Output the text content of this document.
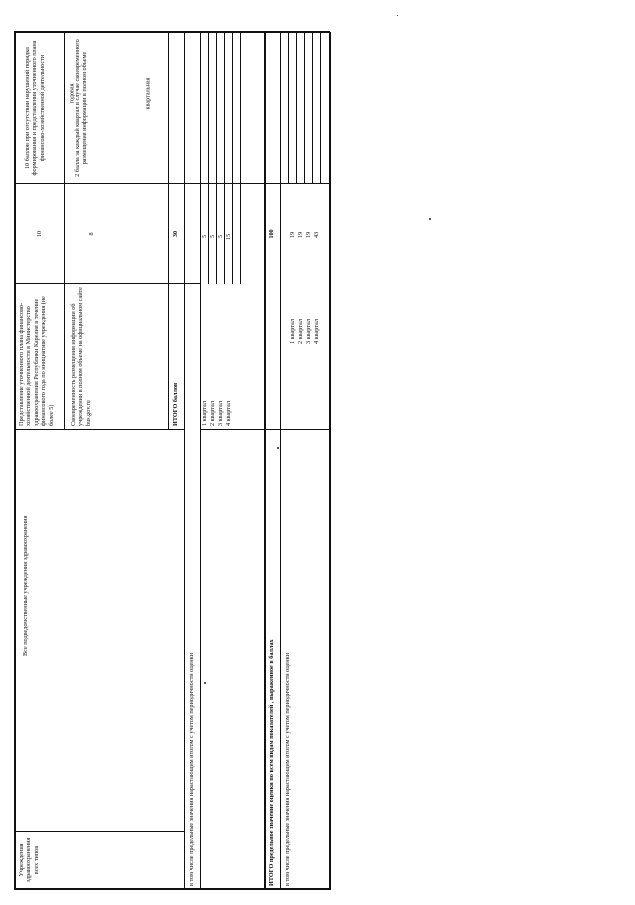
Учреждения здравоохранения всех типов
Все подведомственные учреждения здравоохранения
Представление уточненного плана финансово-хозяйственной деятельности в Министерство здравоохранения Республики Карелия в течение финансового года по инициативе учреждения (не более 5)
10
10 баллов при отсутствии нарушений порядка формирования и представления уточненного плана финансово-хозяйственной деятельности
Своевременность размещения информации об учреждении в полном объеме на официальном сайте bus.gov.ru
8
2 балла за каждый квартал в случае своевременного размещения информации в полном объеме
ИТОГО баллов
30
в том числе предельные значения нарастающим итогом с учетом периодичности оценки
1 квартал
5
2 квартал
5
3 квартал
5
4 квартал
15
ИТОГО предельное значение оценки по всем видам показателей , выраженное в баллах
100
в том числе предельные значения нарастающим итогом с учетом периодичности оценки
1 квартал
19
2 квартал
19
3 квартал
19
4 квартал
43
годовая	квартальная
